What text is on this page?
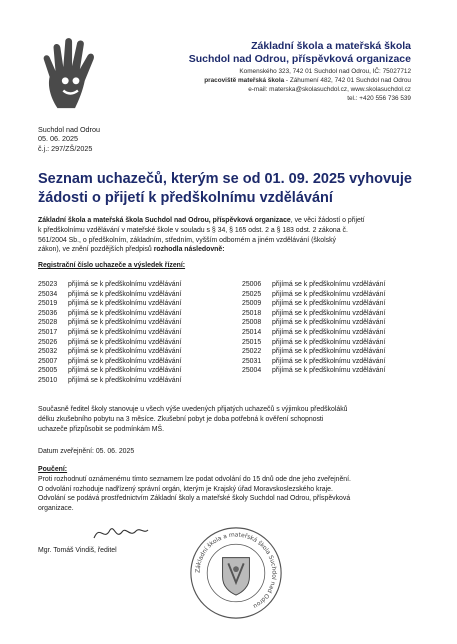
Základní škola a mateřská škola
Suchdol nad Odrou, příspěvková organizace
Komenského 323, 742 01 Suchdol nad Odrou, IČ: 75027712
pracoviště mateřská škola - Záhumení 482, 742 01 Suchdol nad Odrou
e-mail: materska@skolasuchdol.cz, www.skolasuchdol.cz
tel.: +420 556 736 539
Suchdol nad Odrou
05. 06. 2025
č.j.: 297/ZŠ/2025
Seznam uchazečů, kterým se od 01. 09. 2025 vyhovuje
žádosti o přijetí k předškolnímu vzdělávání
Základní škola a mateřská škola Suchdol nad Odrou, příspěvková organizace, ve věci žádostí o přijetí
k předškolnímu vzdělávání v mateřské škole v souladu s § 34, § 165 odst. 2 a § 183 odst. 2 zákona č.
561/2004 Sb., o předškolním, základním, středním, vyšším odborném a jiném vzdělávání (školský
zákon), ve znění pozdějších předpisů rozhodla následovně:
Registrační číslo uchazeče a výsledek řízení:
25023 přijímá se k předškolnímu vzdělávání
25034 přijímá se k předškolnímu vzdělávání
25019 přijímá se k předškolnímu vzdělávání
25036 přijímá se k předškolnímu vzdělávání
25028 přijímá se k předškolnímu vzdělávání
25017 přijímá se k předškolnímu vzdělávání
25026 přijímá se k předškolnímu vzdělávání
25032 přijímá se k předškolnímu vzdělávání
25007 přijímá se k předškolnímu vzdělávání
25005 přijímá se k předškolnímu vzdělávání
25010 přijímá se k předškolnímu vzdělávání
25006 přijímá se k předškolnímu vzdělávání
25025 přijímá se k předškolnímu vzdělávání
25009 přijímá se k předškolnímu vzdělávání
25018 přijímá se k předškolnímu vzdělávání
25008 přijímá se k předškolnímu vzdělávání
25014 přijímá se k předškolnímu vzdělávání
25015 přijímá se k předškolnímu vzdělávání
25022 přijímá se k předškolnímu vzdělávání
25031 přijímá se k předškolnímu vzdělávání
25004 přijímá se k předškolnímu vzdělávání
Současně ředitel školy stanovuje u všech výše uvedených přijatých uchazečů s výjimkou předškoláků
délku zkušebního pobytu na 3 měsíce. Zkušební pobyt je doba potřebná k ověření schopnosti
uchazeče přizpůsobit se podmínkám MŠ.
Datum zveřejnění: 05. 06. 2025
Poučení:
Proti rozhodnutí oznámenému tímto seznamem lze podat odvolání do 15 dnů ode dne jeho zveřejnění.
O odvolání rozhoduje nadřízený správní orgán, kterým je Krajský úřad Moravskoslezského kraje.
Odvolání se podává prostřednictvím Základní školy a mateřské školy Suchdol nad Odrou, příspěvková
organizace.
Mgr. Tomáš Vindiš, ředitel
Základní škola a mateřská škola Suchdol nad Odrou
